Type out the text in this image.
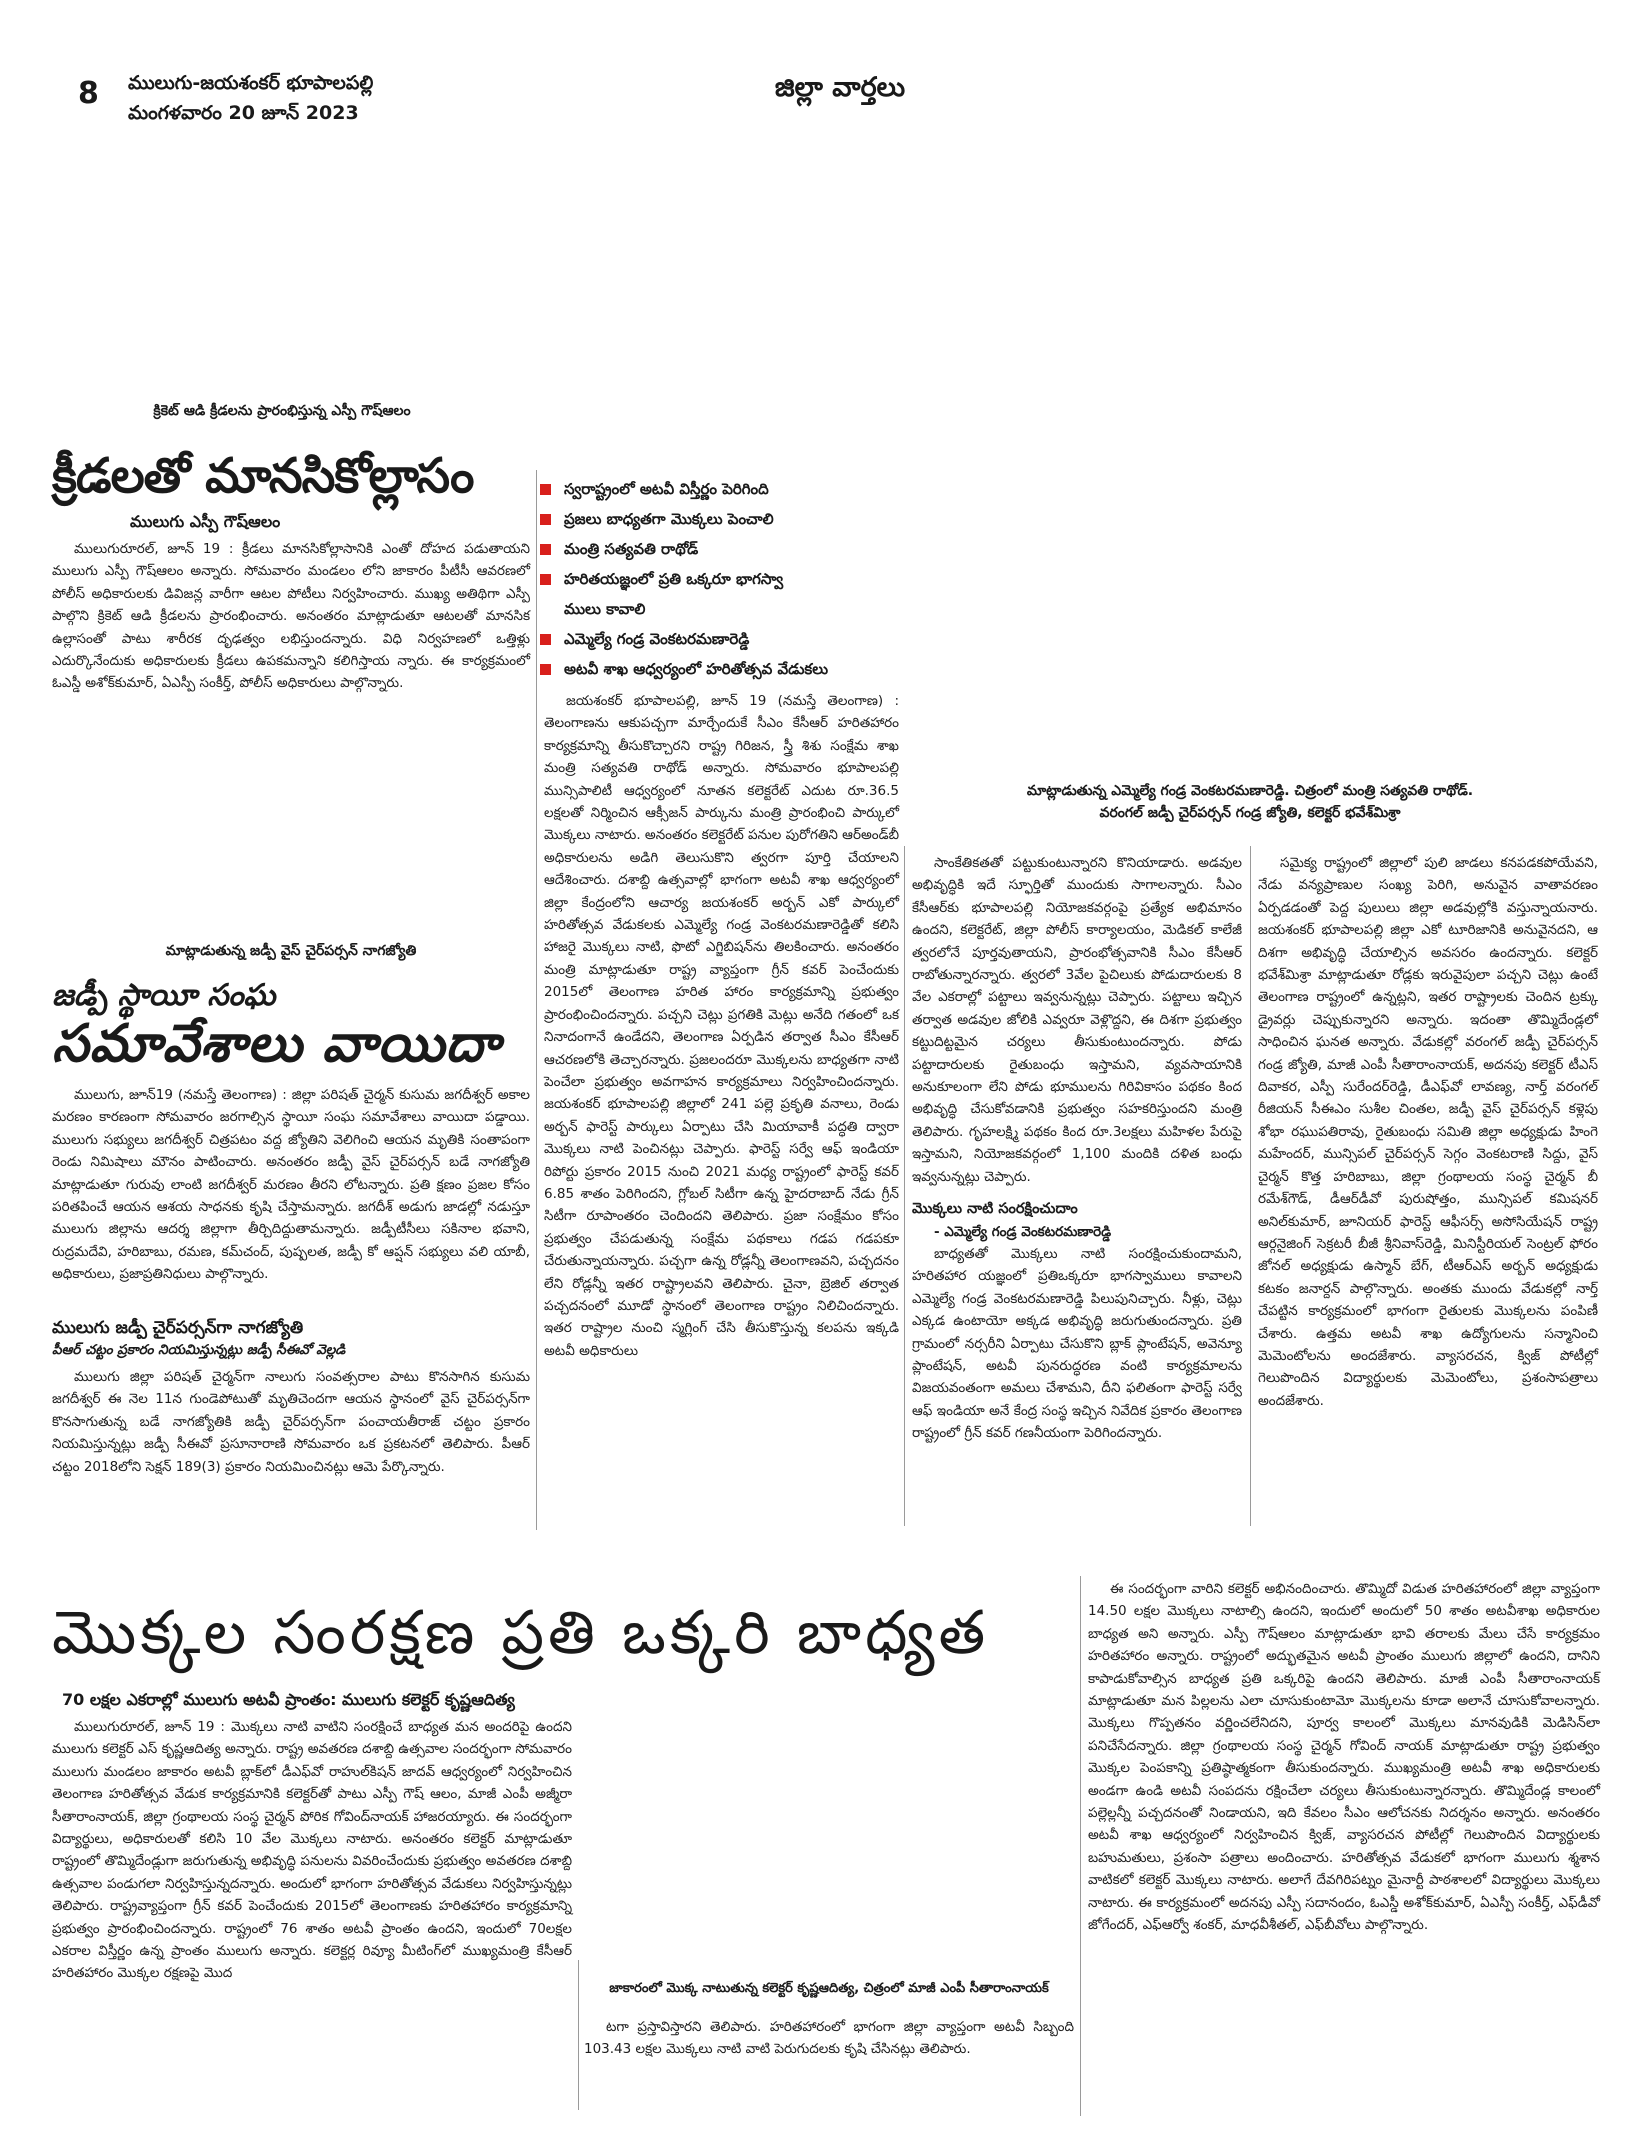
8 ములుగు-జయశంకర్ భూపాలపల్లి
మంగళవారం 20 జూన్ 2023
జిల్లా వార్తలు
క్రికెట్ ఆడి క్రీడలను ప్రారంభిస్తున్న ఎస్పీ గౌష్ఆలం
క్రీడలతో మానసికోల్లాసం
ములుగు ఎస్పీ గౌష్ఆలం

ములుగురూరల్, జూన్ 19 : క్రీడలు మానసికోల్లాసానికి ఎంతో దోహద పడుతాయని ములుగు ఎస్పీ గౌష్ఆలం అన్నారు. సోమవారం మండలం లోని జాకారం పీటీసీ ఆవరణలో పోలీస్ అధికారులకు డివిజన్ల వారీగా ఆటల పోటీలు నిర్వహించారు. ముఖ్య అతిథిగా ఎస్పీ పాల్గొని క్రికెట్ ఆడి క్రీడలను ప్రారంభించారు. అనంతరం మాట్లాడుతూ ఆటలతో మానసిక ఉల్లాసంతో పాటు శారీరక దృఢత్వం లభిస్తుందన్నారు. విధి నిర్వహణలో ఒత్తిళ్లు ఎదుర్కొనేందుకు అధికారులకు క్రీడలు ఉపకమన్నాని కలిగిస్తాయ న్నారు. ఈ కార్యక్రమంలో ఓఎస్డీ అశోక్‌కుమార్, ఏఎస్పీ సంకీర్త్, పోలీస్ అధికారులు పాల్గొన్నారు.

మాట్లాడుతున్న జడ్పీ వైస్ చైర్‌పర్సన్ నాగజ్యోతి
జడ్పీ స్థాయీ సంఘ
సమావేశాలు వాయిదా

ములుగు, జూన్19 (నమస్తే తెలంగాణ) : జిల్లా పరిషత్ చైర్మన్ కుసుమ జగదీశ్వర్ అకాల మరణం కారణంగా సోమవారం జరగాల్సిన స్థాయీ సంఘ సమావేశాలు వాయిదా పడ్డాయి. ములుగు సభ్యులు జగదీశ్వర్ చిత్రపటం వద్ద జ్యోతిని వెలిగించి ఆయన మృతికి సంతాపంగా రెండు నిమిషాలు మౌనం పాటించారు. అనంతరం జడ్పీ వైస్ చైర్‌పర్సన్ బడే నాగజ్యోతి మాట్లాడుతూ గురువు లాంటి జగదీశ్వర్ మరణం తీరని లోటన్నారు. ప్రతి క్షణం ప్రజల కోసం పరితపించే ఆయన ఆశయ సాధనకు కృషి చేస్తామన్నారు. జగదీశ్ అడుగు జాడల్లో నడుస్తూ ములుగు జిల్లాను ఆదర్శ జిల్లాగా తీర్చిదిద్దుతామన్నారు. జడ్పీటీసీలు సకినాల భవాని, రుద్రమదేవి, హరిబాబు, రమణ, కమ్‌చంద్, పుష్పలత, జడ్పీ కో ఆప్షన్ సభ్యులు వలి యాబీ, అధికారులు, ప్రజాప్రతినిధులు పాల్గొన్నారు.

ములుగు జడ్పీ చైర్‌పర్సన్‌గా నాగజ్యోతి
పీఆర్ చట్టం ప్రకారం నియమిస్తున్నట్లు జడ్పీ సీఈవో వెల్లడి

ములుగు జిల్లా పరిషత్ చైర్మన్‌గా నాలుగు సంవత్సరాల పాటు కొనసాగిన కుసుమ జగదీశ్వర్ ఈ నెల 11న గుండెపోటుతో మృతిచెందగా ఆయన స్థానంలో వైస్ చైర్‌పర్సన్‌గా కొనసాగుతున్న బడే నాగజ్యోతికి జడ్పీ చైర్‌పర్సన్‌గా పంచాయతీరాజ్ చట్టం ప్రకారం నియమిస్తున్నట్లు జడ్పీ సీఈవో ప్రసూనారాణి సోమవారం ఒక ప్రకటనలో తెలిపారు. పీఆర్ చట్టం 2018లోని సెక్షన్ 189(3) ప్రకారం నియమించినట్లు ఆమె పేర్కొన్నారు.

స్వరాష్ట్రంలో అటవీ విస్తీర్ణం పెరిగింది
ప్రజలు బాధ్యతగా మొక్కలు పెంచాలి
మంత్రి సత్యవతి రాథోడ్
హరితయజ్ఞంలో ప్రతి ఒక్కరూ భాగస్వా
ములు కావాలి
ఎమ్మెల్యే గండ్ర వెంకటరమణారెడ్డి
అటవీ శాఖ ఆధ్వర్యంలో హరితోత్సవ వేడుకలు
మాట్లాడుతున్న ఎమ్మెల్యే గండ్ర వెంకటరమణారెడ్డి. చిత్రంలో మంత్రి సత్యవతి రాథోడ్.
వరంగల్ జడ్పీ చైర్‌పర్సన్ గండ్ర జ్యోతి, కలెక్టర్ భవేశ్‌మిశ్రా

జయశంకర్ భూపాలపల్లి, జూన్ 19 (నమస్తే తెలంగాణ) : తెలంగాణను ఆకుపచ్చగా మార్చేందుకే సీఎం కేసీఆర్ హరితహారం కార్యక్రమాన్ని తీసుకొచ్చారని రాష్ట్ర గిరిజన, స్త్రీ శిశు సంక్షేమ శాఖ మంత్రి సత్యవతి రాథోడ్ అన్నారు. సోమవారం భూపాలపల్లి మున్సిపాలిటీ ఆధ్వర్యంలో నూతన కలెక్టరేట్ ఎదుట రూ.36.5 లక్షలతో నిర్మించిన ఆక్సీజన్ పార్కును మంత్రి ప్రారంభించి పార్కులో మొక్కలు నాటారు. అనంతరం కలెక్టరేట్ పనుల పురోగతిని ఆర్‌అండ్‌బీ అధికారులను అడిగి తెలుసుకొని త్వరగా పూర్తి చేయాలని ఆదేశించారు. దశాబ్ది ఉత్సవాల్లో భాగంగా అటవీ శాఖ ఆధ్వర్యంలో జిల్లా కేంద్రంలోని ఆచార్య జయశంకర్ అర్బన్ ఎకో పార్కులో హరితోత్సవ వేడుకలకు ఎమ్మెల్యే గండ్ర వెంకటరమణారెడ్డితో కలిసి హాజరై మొక్కలు నాటి, ఫొటో ఎగ్జిబిషన్‌ను తిలకించారు. అనంతరం మంత్రి మాట్లాడుతూ రాష్ట్ర వ్యాప్తంగా గ్రీన్ కవర్ పెంచేందుకు 2015లో తెలంగాణ హరిత హారం కార్యక్రమాన్ని ప్రభుత్వం ప్రారంభించిందన్నారు. పచ్చని చెట్లు ప్రగతికి మెట్లు అనేది గతంలో ఒక నినాదంగానే ఉండేదని, తెలంగాణ ఏర్పడిన తర్వాత సీఎం కేసీఆర్ ఆచరణలోకి తెచ్చారన్నారు. ప్రజలందరూ మొక్కలను బాధ్యతగా నాటి పెంచేలా ప్రభుత్వం అవగాహన కార్యక్రమాలు నిర్వహించిందన్నారు. జయశంకర్ భూపాలపల్లి జిల్లాలో 241 పల్లె ప్రకృతి వనాలు, రెండు అర్బన్ ఫారెస్ట్ పార్కులు ఏర్పాటు చేసి మియావాకీ పద్ధతి ద్వారా మొక్కలు నాటి పెంచినట్లు చెప్పారు. ఫారెస్ట్ సర్వే ఆఫ్ ఇండియా రిపోర్టు ప్రకారం 2015 నుంచి 2021 మధ్య రాష్ట్రంలో ఫారెస్ట్ కవర్ 6.85 శాతం పెరిగిందని, గ్లోబల్ సిటీగా ఉన్న హైదరాబాద్ నేడు గ్రీన్ సిటీగా రూపాంతరం చెందిందని తెలిపారు. ప్రజా సంక్షేమం కోసం ప్రభుత్వం చేపడుతున్న సంక్షేమ పథకాలు గడప గడపకూ చేరుతున్నాయన్నారు. పచ్చగా ఉన్న రోడ్లన్నీ తెలంగాణవని, పచ్చదనం లేని రోడ్లన్నీ ఇతర రాష్ట్రాలవని తెలిపారు. చైనా, బ్రెజిల్ తర్వాత పచ్చదనంలో మూడో స్థానంలో తెలంగాణ రాష్ట్రం నిలిచిందన్నారు. ఇతర రాష్ట్రాల నుంచి స్మగ్లింగ్ చేసి తీసుకొస్తున్న కలపను ఇక్కడి అటవీ అధికారులు

సాంకేతికతతో పట్టుకుంటున్నారని కొనియాడారు. అడవుల అభివృద్ధికి ఇదే స్ఫూర్తితో ముందుకు సాగాలన్నారు. సీఎం కేసీఆర్‌కు భూపాలపల్లి నియోజకవర్గంపై ప్రత్యేక అభిమానం ఉందని, కలెక్టరేట్, జిల్లా పోలీస్ కార్యాలయం, మెడికల్ కాలేజీ త్వరలోనే పూర్తవుతాయని, ప్రారంభోత్సవానికి సీఎం కేసీఆర్ రాబోతున్నారన్నారు. త్వరలో 3వేల పైచిలుకు పోడుదారులకు 8 వేల ఎకరాల్లో పట్టాలు ఇవ్వనున్నట్లు చెప్పారు. పట్టాలు ఇచ్చిన తర్వాత అడవుల జోలికి ఎవ్వరూ వెళ్లొద్దని, ఈ దిశగా ప్రభుత్వం కట్టుదిట్టమైన చర్యలు తీసుకుంటుందన్నారు. పోడు పట్టాదారులకు రైతుబంధు ఇస్తామని, వ్యవసాయానికి అనుకూలంగా లేని పోడు భూములను గిరివికాసం పథకం కింద అభివృద్ధి చేసుకోవడానికి ప్రభుత్వం సహకరిస్తుందని మంత్రి తెలిపారు. గృహలక్ష్మి పథకం కింద రూ.3లక్షలు మహిళల పేరుపై ఇస్తామని, నియోజకవర్గంలో 1,100 మందికి దళిత బంధు ఇవ్వనున్నట్లు చెప్పారు.

మొక్కలు నాటి సంరక్షించుదాం
- ఎమ్మెల్యే గండ్ర వెంకటరమణారెడ్డి

బాధ్యతతో మొక్కలు నాటి సంరక్షించుకుందామని, హరితహార యజ్ఞంలో ప్రతిఒక్కరూ భాగస్వాములు కావాలని ఎమ్మెల్యే గండ్ర వెంకటరమణారెడ్డి పిలుపునిచ్చారు. నీళ్లు, చెట్లు ఎక్కడ ఉంటాయో అక్కడ అభివృద్ధి జరుగుతుందన్నారు. ప్రతి గ్రామంలో నర్సరీని ఏర్పాటు చేసుకొని బ్లాక్ ప్లాంటేషన్, అవెన్యూ ప్లాంటేషన్, అటవీ పునరుద్ధరణ వంటి కార్యక్రమాలను విజయవంతంగా అమలు చేశామని, దీని ఫలితంగా ఫారెస్ట్ సర్వే ఆఫ్ ఇండియా అనే కేంద్ర సంస్థ ఇచ్చిన నివేదిక ప్రకారం తెలంగాణ రాష్ట్రంలో గ్రీన్ కవర్ గణనీయంగా పెరిగిందన్నారు.

సమైక్య రాష్ట్రంలో జిల్లాలో పులి జాడలు కనపడకపోయేవని, నేడు వన్యప్రాణుల సంఖ్య పెరిగి, అనువైన వాతావరణం ఏర్పడడంతో పెద్ద పులులు జిల్లా అడవుల్లోకి వస్తున్నాయనారు. జయశంకర్ భూపాలపల్లి జిల్లా ఎకో టూరిజానికి అనువైనదని, ఆ దిశగా అభివృద్ధి చేయాల్సిన అవసరం ఉందన్నారు. కలెక్టర్ భవేశ్‌మిశ్రా మాట్లాడుతూ రోడ్లకు ఇరువైపులా పచ్చని చెట్లు ఉంటే తెలంగాణ రాష్ట్రంలో ఉన్నట్లని, ఇతర రాష్ట్రాలకు చెందిన ట్రక్కు డ్రైవర్లు చెప్పుకున్నారని అన్నారు. ఇదంతా తొమ్మిదేండ్లలో సాధించిన ఘనత అన్నారు. వేడుకల్లో వరంగల్ జడ్పీ చైర్‌పర్సన్ గండ్ర జ్యోతి, మాజీ ఎంపీ సీతారాంనాయక్, అదనపు కలెక్టర్ టీఎస్ దివాకర, ఎస్పీ సురేందర్‌రెడ్డి, డీఎఫ్‌వో లావణ్య, నార్త్ వరంగల్ రీజియన్ సీఈఎం సుశీల చింతల, జడ్పీ వైస్ చైర్‌పర్సన్ కళ్లెపు శోభా రఘుపతిరావు, రైతుబంధు సమితి జిల్లా అధ్యక్షుడు హింగె మహేందర్, మున్సిపల్ చైర్‌పర్సన్ సెగ్గం వెంకటరాణి సిద్దు, వైస్ చైర్మన్ కొత్త హరిబాబు, జిల్లా గ్రంథాలయ సంస్థ చైర్మన్ బీ రమేశ్‌గౌడ్, డీఆర్‌డీవో పురుషోత్తం, మున్సిపల్ కమిషనర్ అనిల్‌కుమార్, జూనియర్ ఫారెస్ట్ ఆఫీసర్స్ అసోసియేషన్ రాష్ట్ర ఆర్గనైజింగ్ సెక్రటరీ బీజీ శ్రీనివాస్‌రెడ్డి, మినిస్టీరియల్ సెంట్రల్ ఫోరం జోనల్ అధ్యక్షుడు ఉస్మాన్ బేగ్, టీఆర్‌ఎస్ అర్బన్ అధ్యక్షుడు కటకం జనార్దన్ పాల్గొన్నారు. అంతకు ముందు వేడుకల్లో నార్త్ చేపట్టిన కార్యక్రమంలో భాగంగా రైతులకు మొక్కలను పంపిణీ చేశారు. ఉత్తమ అటవీ శాఖ ఉద్యోగులను సన్మానించి మెమెంటోలను అందజేశారు. వ్యాసరచన, క్విజ్ పోటీల్లో గెలుపొందిన విద్యార్థులకు మెమెంటోలు, ప్రశంసాపత్రాలు అందజేశారు.

మొక్కల సంరక్షణ ప్రతి ఒక్కరి బాధ్యత
70 లక్షల ఎకరాల్లో ములుగు అటవీ ప్రాంతం: ములుగు కలెక్టర్ కృష్ణఆదిత్య

ములుగురూరల్, జూన్ 19 : మొక్కలు నాటి వాటిని సంరక్షించే బాధ్యత మన అందరిపై ఉందని ములుగు కలెక్టర్ ఎస్ కృష్ణఆదిత్య అన్నారు. రాష్ట్ర అవతరణ దశాబ్ది ఉత్సవాల సందర్భంగా సోమవారం ములుగు మండలం జాకారం అటవీ బ్లాక్‌లో డీఎఫ్‌వో రాహుల్‌కిషన్ జాదవ్ ఆధ్వర్యంలో నిర్వహించిన తెలంగాణ హరితోత్సవ వేడుక కార్యక్రమానికి కలెక్టర్‌తో పాటు ఎస్పీ గౌష్ ఆలం, మాజీ ఎంపీ అజ్మీరా సీతారాంనాయక్, జిల్లా గ్రంథాలయ సంస్థ చైర్మన్ పోరిక గోవింద్‌నాయక్ హాజరయ్యారు. ఈ సందర్భంగా విద్యార్థులు, అధికారులతో కలిసి 10 వేల మొక్కలు నాటారు. అనంతరం కలెక్టర్ మాట్లాడుతూ రాష్ట్రంలో తొమ్మిదేండ్లుగా జరుగుతున్న అభివృద్ధి పనులను వివరించేందుకు ప్రభుత్వం అవతరణ దశాబ్ది ఉత్సవాల పండుగలా నిర్వహిస్తున్నదన్నారు. అందులో భాగంగా హరితోత్సవ వేడుకలు నిర్వహిస్తున్నట్లు తెలిపారు. రాష్ట్రవ్యాప్తంగా గ్రీన్ కవర్ పెంచేందుకు 2015లో తెలంగాణకు హరితహారం కార్యక్రమాన్ని ప్రభుత్వం ప్రారంభించిందన్నారు. రాష్ట్రంలో 76 శాతం అటవీ ప్రాంతం ఉందని, ఇందులో 70లక్షల ఎకరాల విస్తీర్ణం ఉన్న ప్రాంతం ములుగు అన్నారు. కలెక్టర్ల రివ్యూ మీటింగ్‌లో ముఖ్యమంత్రి కేసీఆర్ హరితహారం మొక్కల రక్షణపై మొద

జాకారంలో మొక్క నాటుతున్న కలెక్టర్ కృష్ణఆదిత్య, చిత్రంలో మాజీ ఎంపీ సీతారాంనాయక్

టగా ప్రస్తావిస్తారని తెలిపారు. హరితహారంలో భాగంగా జిల్లా వ్యాప్తంగా అటవీ సిబ్బంది 103.43 లక్షల మొక్కలు నాటి వాటి పెరుగుదలకు కృషి చేసినట్లు తెలిపారు.

ఈ సందర్భంగా వారిని కలెక్టర్ అభినందించారు. తొమ్మిదో విడుత హరితహారంలో జిల్లా వ్యాప్తంగా 14.50 లక్షల మొక్కలు నాటాల్సి ఉందని, ఇందులో అందులో 50 శాతం అటవీశాఖ అధికారుల బాధ్యత అని అన్నారు. ఎస్పీ గౌష్ఆలం మాట్లాడుతూ భావి తరాలకు మేలు చేసే కార్యక్రమం హరితహారం అన్నారు. రాష్ట్రంలో అద్భుతమైన అటవీ ప్రాంతం ములుగు జిల్లాలో ఉందని, దానిని కాపాడుకోవాల్సిన బాధ్యత ప్రతి ఒక్కరిపై ఉందని తెలిపారు. మాజీ ఎంపీ సీతారాంనాయక్ మాట్లాడుతూ మన పిల్లలను ఎలా చూసుకుంటామో మొక్కలను కూడా అలానే చూసుకోవాలన్నారు. మొక్కలు గొప్పతనం వర్ణించలేనిదని, పూర్వ కాలంలో మొక్కలు మానవుడికి మెడిసిన్‌లా పనిచేసేదన్నారు. జిల్లా గ్రంథాలయ సంస్థ చైర్మన్ గోవింద్ నాయక్ మాట్లాడుతూ రాష్ట్ర ప్రభుత్వం మొక్కల పెంపకాన్ని ప్రతిష్ఠాత్మకంగా తీసుకుందన్నారు. ముఖ్యమంత్రి అటవీ శాఖ అధికారులకు అండగా ఉండి అటవీ సంపదను రక్షించేలా చర్యలు తీసుకుంటున్నారన్నారు. తొమ్మిదేండ్ల కాలంలో పల్లెల్లన్నీ పచ్చదనంతో నిండాయని, ఇది కేవలం సీఎం ఆలోచనకు నిదర్శనం అన్నారు. అనంతరం అటవీ శాఖ ఆధ్వర్యంలో నిర్వహించిన క్విజ్, వ్యాసరచన పోటీల్లో గెలుపొందిన విద్యార్థులకు బహుమతులు, ప్రశంసా పత్రాలు అందించారు. హరితోత్సవ వేడుకలో భాగంగా ములుగు శ్మశాన వాటికలో కలెక్టర్ మొక్కలు నాటారు. అలాగే దేవగిరిపట్నం మైనార్టీ పాఠశాలలో విద్యార్థులు మొక్కలు నాటారు. ఈ కార్యక్రమంలో అదనపు ఎస్పీ సదానందం, ఓఎస్డీ అశోక్‌కుమార్, ఏఎస్పీ సంకీర్త్, ఎఫ్‌డీవో జోగేందర్, ఎఫ్‌ఆర్వో శంకర్, మాధవీశీతల్, ఎఫ్‌బీవోలు పాల్గొన్నారు.
